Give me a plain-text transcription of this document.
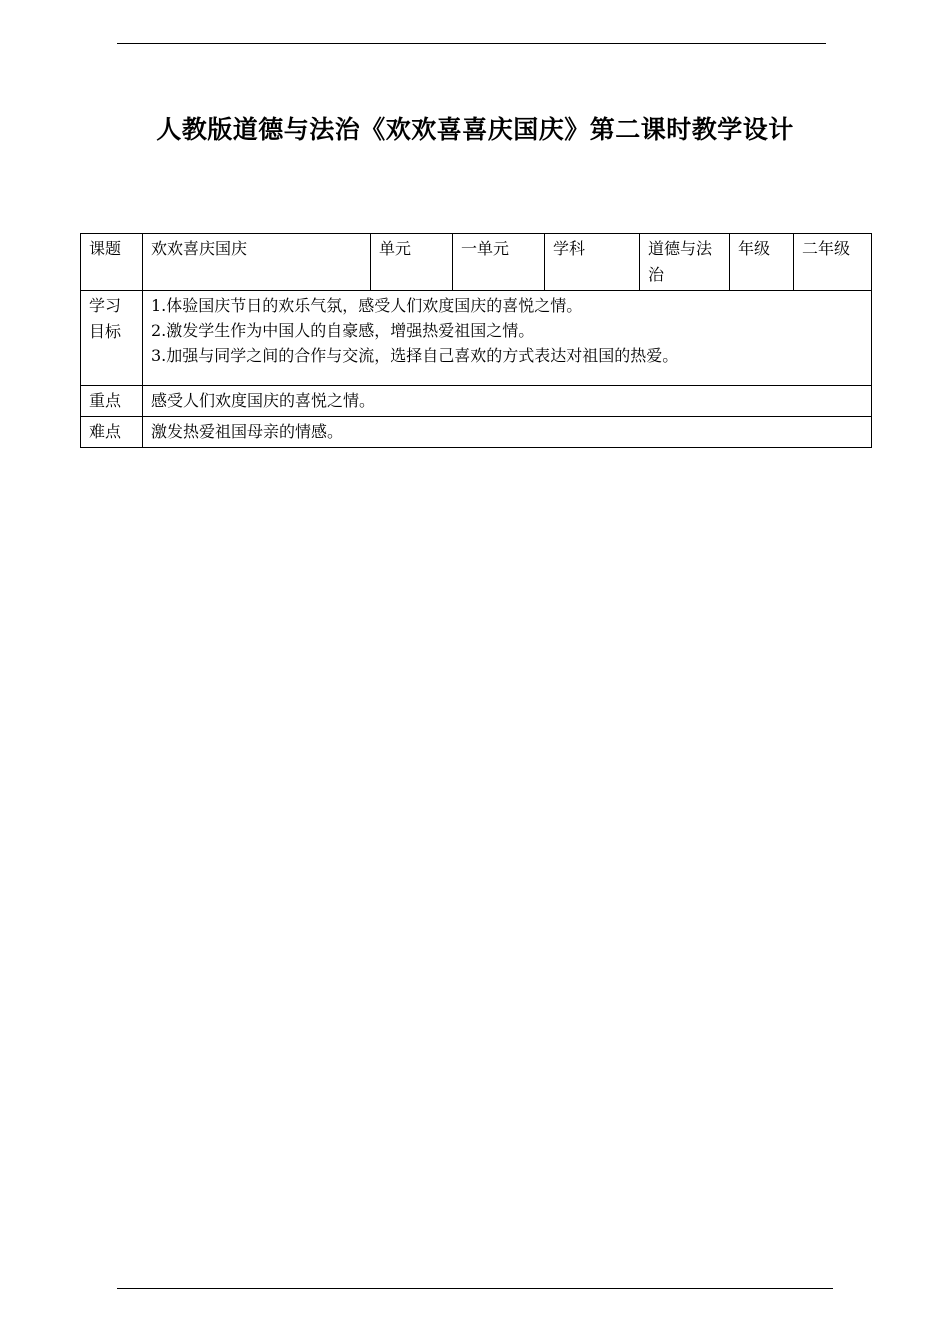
人教版道德与法治《欢欢喜喜庆国庆》第二课时教学设计
课题	欢欢喜庆国庆	单元	一单元	学科	道德与法治	年级	二年级
学习目标	1.体验国庆节日的欢乐气氛，感受人们欢度国庆的喜悦之情。
2.激发学生作为中国人的自豪感，增强热爱祖国之情。
3.加强与同学之间的合作与交流，选择自己喜欢的方式表达对祖国的热爱。						

重点	感受人们欢度国庆的喜悦之情。						
难点	激发热爱祖国母亲的情感。						
